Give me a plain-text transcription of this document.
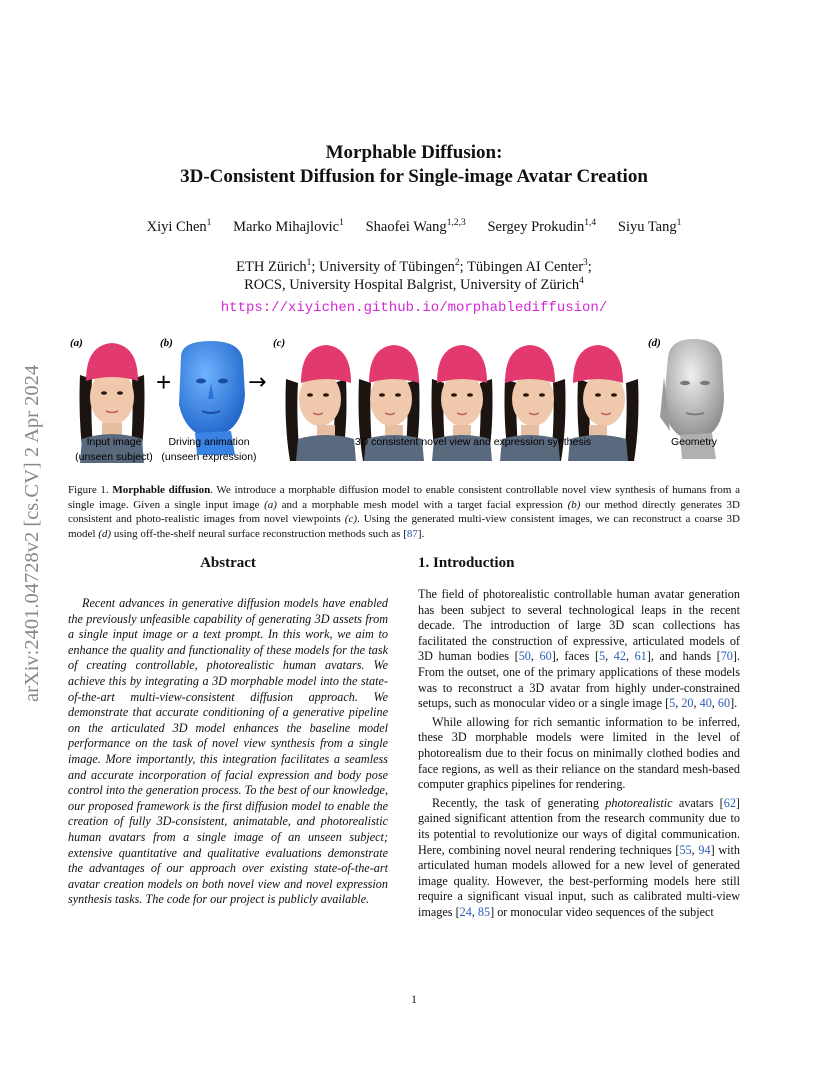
arXiv:2401.04728v2 [cs.CV] 2 Apr 2024
Morphable Diffusion:
3D-Consistent Diffusion for Single-image Avatar Creation
Xiyi Chen$^1$ Marko Mihajlovic$^1$ Shaofei Wang$^{1,2,3}$ Sergey Prokudin$^{1,4}$ Siyu Tang$^1$
ETH Zürich$^1$; University of Tübingen$^2$; Tübingen AI Center$^3$;
ROCS, University Hospital Balgrist, University of Zürich$^4$
https://xiyichen.github.io/morphablediffusion/
(a)	(b)	(c)	(d)
+	→
Input image
(unseen subject)
Driving animation
(unseen expression)
3D consistent novel view and expression synthesis	Geometry
Figure 1. Morphable diffusion. We introduce a morphable diffusion model to enable consistent controllable novel view synthesis of humans from a single image. Given a single input image (a) and a morphable mesh model with a target facial expression (b) our method directly generates 3D consistent and photo-realistic images from novel viewpoints (c). Using the generated multi-view consistent images, we can reconstruct a coarse 3D model (d) using off-the-shelf neural surface reconstruction methods such as [87].
Abstract
Recent advances in generative diffusion models have enabled the previously unfeasible capability of generating 3D assets from a single input image or a text prompt. In this work, we aim to enhance the quality and functionality of these models for the task of creating controllable, photorealistic human avatars. We achieve this by integrating a 3D morphable model into the state-of-the-art multi-view-consistent diffusion approach. We demonstrate that accurate conditioning of a generative pipeline on the articulated 3D model enhances the baseline model performance on the task of novel view synthesis from a single image. More importantly, this integration facilitates a seamless and accurate incorporation of facial expression and body pose control into the generation process. To the best of our knowledge, our proposed framework is the first diffusion model to enable the creation of fully 3D-consistent, animatable, and photorealistic human avatars from a single image of an unseen subject; extensive quantitative and qualitative evaluations demonstrate the advantages of our approach over existing state-of-the-art avatar creation models on both novel view and novel expression synthesis tasks. The code for our project is publicly available.
1. Introduction

The field of photorealistic controllable human avatar generation has been subject to several technological leaps in the recent decade. The introduction of large 3D scan collections has facilitated the construction of expressive, articulated models of 3D human bodies [50, 60], faces [5, 42, 61], and hands [70]. From the outset, one of the primary applications of these models was to reconstruct a 3D avatar from highly under-constrained setups, such as monocular video or a single image [5, 20, 40, 60].

While allowing for rich semantic information to be inferred, these 3D morphable models were limited in the level of photorealism due to their focus on minimally clothed bodies and face regions, as well as their reliance on the standard mesh-based computer graphics pipelines for rendering.

Recently, the task of generating photorealistic avatars [62] gained significant attention from the research community due to its potential to revolutionize our ways of digital communication. Here, combining novel neural rendering techniques [55, 94] with articulated human models allowed for a new level of generated image quality. However, the best-performing models here still require a significant visual input, such as calibrated multi-view images [24, 85] or monocular video sequences of the subject

1
